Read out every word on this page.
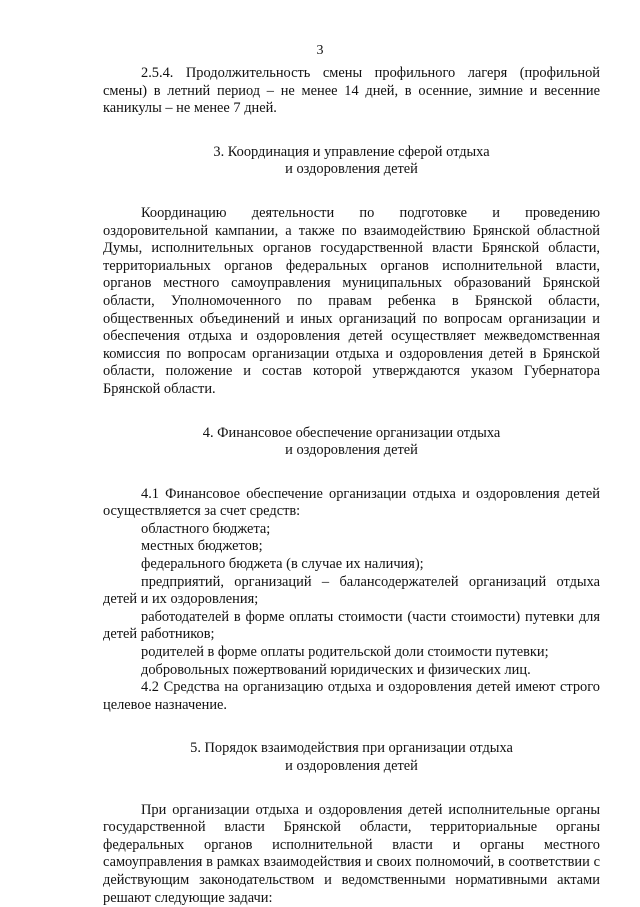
3

2.5.4. Продолжительность смены профильного лагеря (профильной смены) в летний период – не менее 14 дней, в осенние, зимние и весенние каникулы – не менее 7 дней.

3. Координация и управление сферой отдыха
и оздоровления детей

Координацию деятельности по подготовке и проведению оздоровительной кампании, а также по взаимодействию Брянской областной Думы, исполнительных органов государственной власти Брянской области, территориальных органов федеральных органов исполнительной власти, органов местного самоуправления муниципальных образований Брянской области, Уполномоченного по правам ребенка в Брянской области, общественных объединений и иных организаций по вопросам организации и обеспечения отдыха и оздоровления детей осуществляет межведомственная комиссия по вопросам организации отдыха и оздоровления детей в Брянской области, положение и состав которой утверждаются указом Губернатора Брянской области.

4. Финансовое обеспечение организации отдыха
и оздоровления детей

4.1 Финансовое обеспечение организации отдыха и оздоровления детей осуществляется за счет средств:

областного бюджета;

местных бюджетов;

федерального бюджета (в случае их наличия);

предприятий, организаций – балансодержателей организаций отдыха детей и их оздоровления;

работодателей в форме оплаты стоимости (части стоимости) путевки для детей работников;

родителей в форме оплаты родительской доли стоимости путевки;

добровольных пожертвований юридических и физических лиц.

4.2 Средства на организацию отдыха и оздоровления детей имеют строго целевое назначение.

5. Порядок взаимодействия при организации отдыха
и оздоровления детей

При организации отдыха и оздоровления детей исполнительные органы государственной власти Брянской области, территориальные органы федеральных органов исполнительной власти и органы местного самоуправления в рамках взаимодействия и своих полномочий, в соответствии с действующим законодательством и ведомственными нормативными актами решают следующие задачи:
